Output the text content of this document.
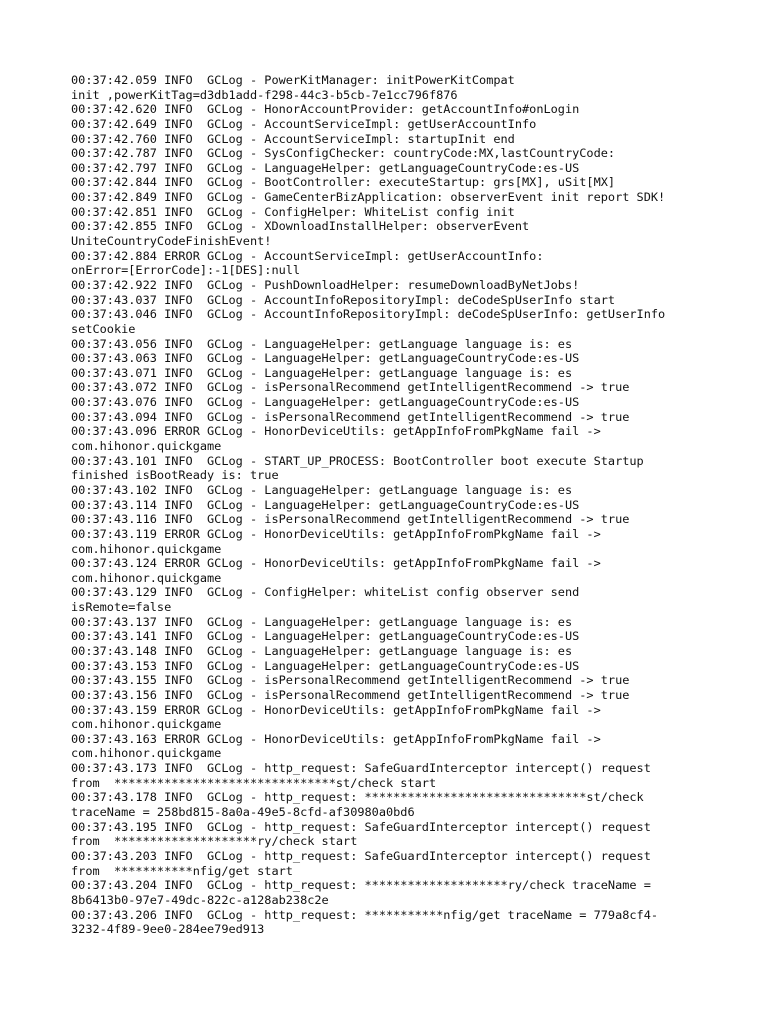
00:37:42.059 INFO  GCLog - PowerKitManager: initPowerKitCompat
init ,powerKitTag=d3db1add-f298-44c3-b5cb-7e1cc796f876
00:37:42.620 INFO  GCLog - HonorAccountProvider: getAccountInfo#onLogin
00:37:42.649 INFO  GCLog - AccountServiceImpl: getUserAccountInfo
00:37:42.760 INFO  GCLog - AccountServiceImpl: startupInit end
00:37:42.787 INFO  GCLog - SysConfigChecker: countryCode:MX,lastCountryCode:
00:37:42.797 INFO  GCLog - LanguageHelper: getLanguageCountryCode:es-US
00:37:42.844 INFO  GCLog - BootController: executeStartup: grs[MX], uSit[MX]
00:37:42.849 INFO  GCLog - GameCenterBizApplication: observerEvent init report SDK!
00:37:42.851 INFO  GCLog - ConfigHelper: WhiteList config init
00:37:42.855 INFO  GCLog - XDownloadInstallHelper: observerEvent
UniteCountryCodeFinishEvent!
00:37:42.884 ERROR GCLog - AccountServiceImpl: getUserAccountInfo:
onError=[ErrorCode]:-1[DES]:null
00:37:42.922 INFO  GCLog - PushDownloadHelper: resumeDownloadByNetJobs!
00:37:43.037 INFO  GCLog - AccountInfoRepositoryImpl: deCodeSpUserInfo start
00:37:43.046 INFO  GCLog - AccountInfoRepositoryImpl: deCodeSpUserInfo: getUserInfo
setCookie
00:37:43.056 INFO  GCLog - LanguageHelper: getLanguage language is: es
00:37:43.063 INFO  GCLog - LanguageHelper: getLanguageCountryCode:es-US
00:37:43.071 INFO  GCLog - LanguageHelper: getLanguage language is: es
00:37:43.072 INFO  GCLog - isPersonalRecommend getIntelligentRecommend -> true
00:37:43.076 INFO  GCLog - LanguageHelper: getLanguageCountryCode:es-US
00:37:43.094 INFO  GCLog - isPersonalRecommend getIntelligentRecommend -> true
00:37:43.096 ERROR GCLog - HonorDeviceUtils: getAppInfoFromPkgName fail ->
com.hihonor.quickgame
00:37:43.101 INFO  GCLog - START_UP_PROCESS: BootController boot execute Startup
finished isBootReady is: true
00:37:43.102 INFO  GCLog - LanguageHelper: getLanguage language is: es
00:37:43.114 INFO  GCLog - LanguageHelper: getLanguageCountryCode:es-US
00:37:43.116 INFO  GCLog - isPersonalRecommend getIntelligentRecommend -> true
00:37:43.119 ERROR GCLog - HonorDeviceUtils: getAppInfoFromPkgName fail ->
com.hihonor.quickgame
00:37:43.124 ERROR GCLog - HonorDeviceUtils: getAppInfoFromPkgName fail ->
com.hihonor.quickgame
00:37:43.129 INFO  GCLog - ConfigHelper: whiteList config observer send
isRemote=false
00:37:43.137 INFO  GCLog - LanguageHelper: getLanguage language is: es
00:37:43.141 INFO  GCLog - LanguageHelper: getLanguageCountryCode:es-US
00:37:43.148 INFO  GCLog - LanguageHelper: getLanguage language is: es
00:37:43.153 INFO  GCLog - LanguageHelper: getLanguageCountryCode:es-US
00:37:43.155 INFO  GCLog - isPersonalRecommend getIntelligentRecommend -> true
00:37:43.156 INFO  GCLog - isPersonalRecommend getIntelligentRecommend -> true
00:37:43.159 ERROR GCLog - HonorDeviceUtils: getAppInfoFromPkgName fail ->
com.hihonor.quickgame
00:37:43.163 ERROR GCLog - HonorDeviceUtils: getAppInfoFromPkgName fail ->
com.hihonor.quickgame
00:37:43.173 INFO  GCLog - http_request: SafeGuardInterceptor intercept() request
from  *******************************st/check start
00:37:43.178 INFO  GCLog - http_request: *******************************st/check
traceName = 258bd815-8a0a-49e5-8cfd-af30980a0bd6
00:37:43.195 INFO  GCLog - http_request: SafeGuardInterceptor intercept() request
from  ********************ry/check start
00:37:43.203 INFO  GCLog - http_request: SafeGuardInterceptor intercept() request
from  ***********nfig/get start
00:37:43.204 INFO  GCLog - http_request: ********************ry/check traceName =
8b6413b0-97e7-49dc-822c-a128ab238c2e
00:37:43.206 INFO  GCLog - http_request: ***********nfig/get traceName = 779a8cf4-
3232-4f89-9ee0-284ee79ed913
